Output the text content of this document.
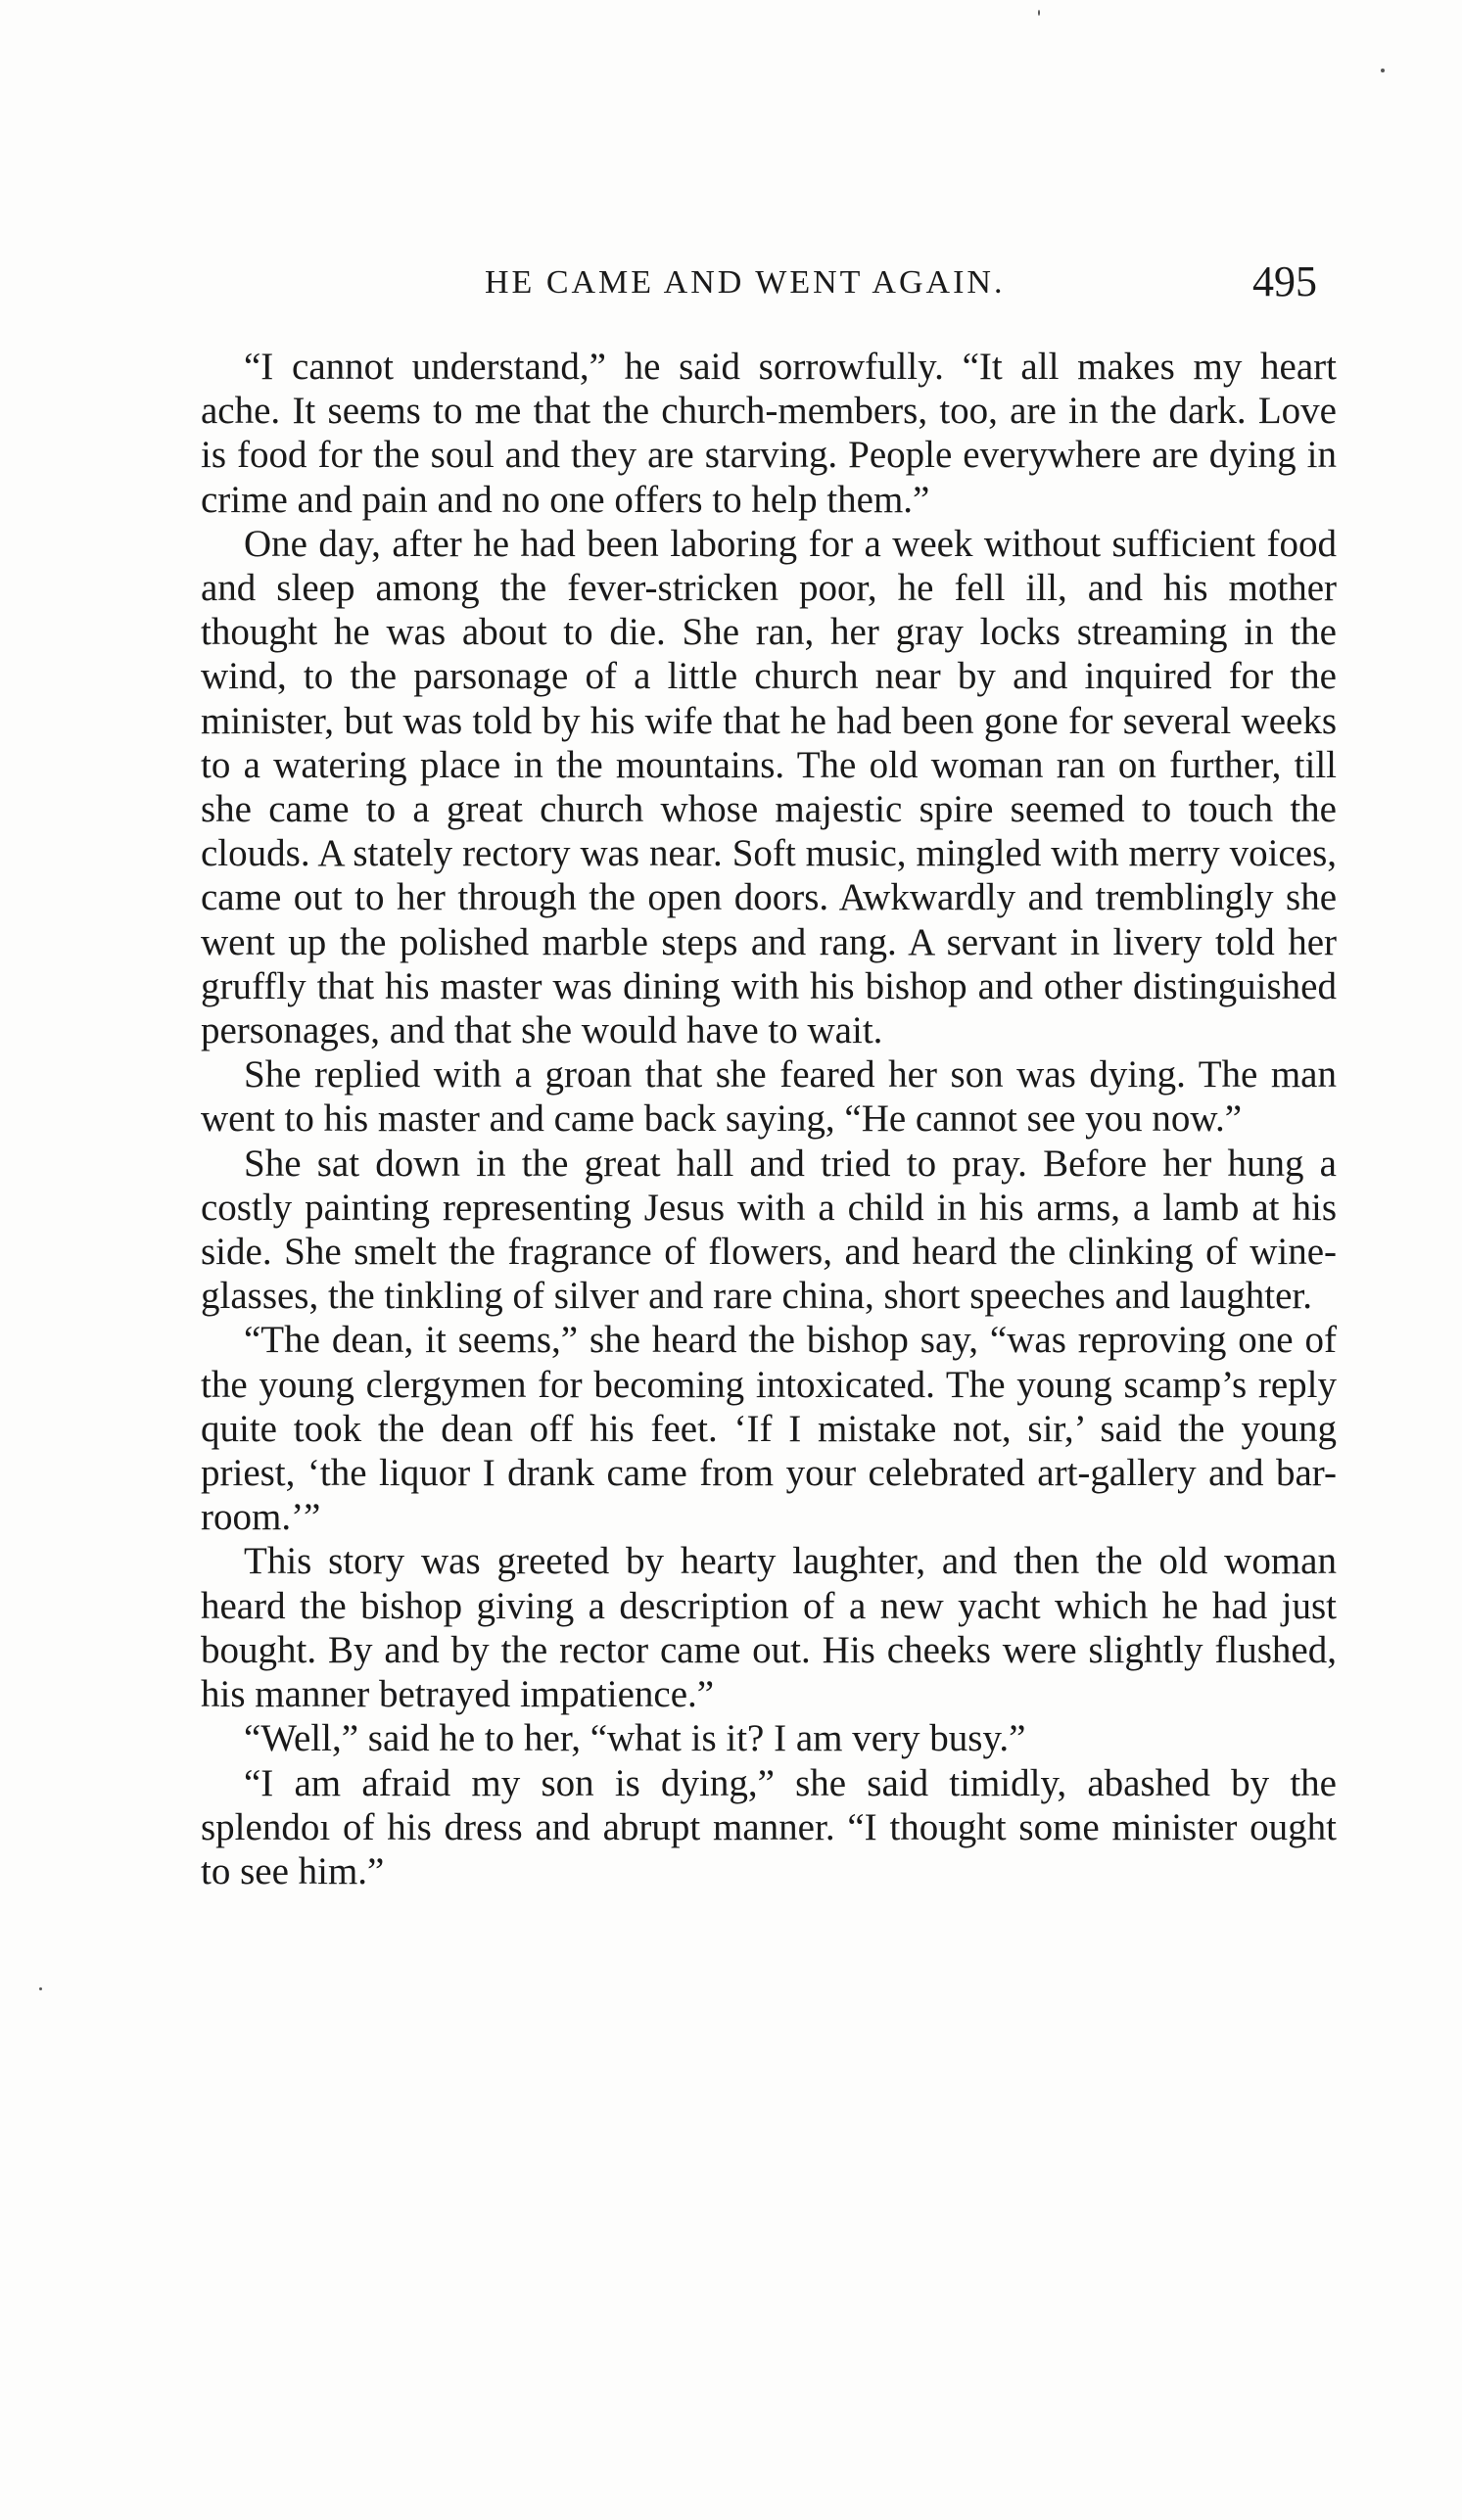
HE CAME AND WENT AGAIN.	495

“I cannot understand,” he said sorrowfully. “It all makes my heart ache. It seems to me that the church-members, too, are in the dark. Love is food for the soul and they are starving. People everywhere are dying in crime and pain and no one offers to help them.”

One day, after he had been laboring for a week without sufficient food and sleep among the fever-stricken poor, he fell ill, and his mother thought he was about to die. She ran, her gray locks streaming in the wind, to the parsonage of a little church near by and inquired for the minister, but was told by his wife that he had been gone for several weeks to a watering place in the mountains. The old woman ran on further, till she came to a great church whose majestic spire seemed to touch the clouds. A stately rectory was near. Soft music, mingled with merry voices, came out to her through the open doors. Awkwardly and tremblingly she went up the polished marble steps and rang. A servant in livery told her gruffly that his master was dining with his bishop and other distinguished personages, and that she would have to wait.

She replied with a groan that she feared her son was dying. The man went to his master and came back saying, “He cannot see you now.”

She sat down in the great hall and tried to pray. Before her hung a costly painting representing Jesus with a child in his arms, a lamb at his side. She smelt the fragrance of flowers, and heard the clinking of wine-glasses, the tinkling of silver and rare china, short speeches and laughter.

“The dean, it seems,” she heard the bishop say, “was reproving one of the young clergymen for becoming intoxicated. The young scamp’s reply quite took the dean off his feet. ‘If I mistake not, sir,’ said the young priest, ‘the liquor I drank came from your celebrated art-gallery and bar-room.’”

This story was greeted by hearty laughter, and then the old woman heard the bishop giving a description of a new yacht which he had just bought. By and by the rector came out. His cheeks were slightly flushed, his manner betrayed impatience.”

“Well,” said he to her, “what is it? I am very busy.”

“I am afraid my son is dying,” she said timidly, abashed by the splendoı of his dress and abrupt manner. “I thought some minister ought to see him.”
